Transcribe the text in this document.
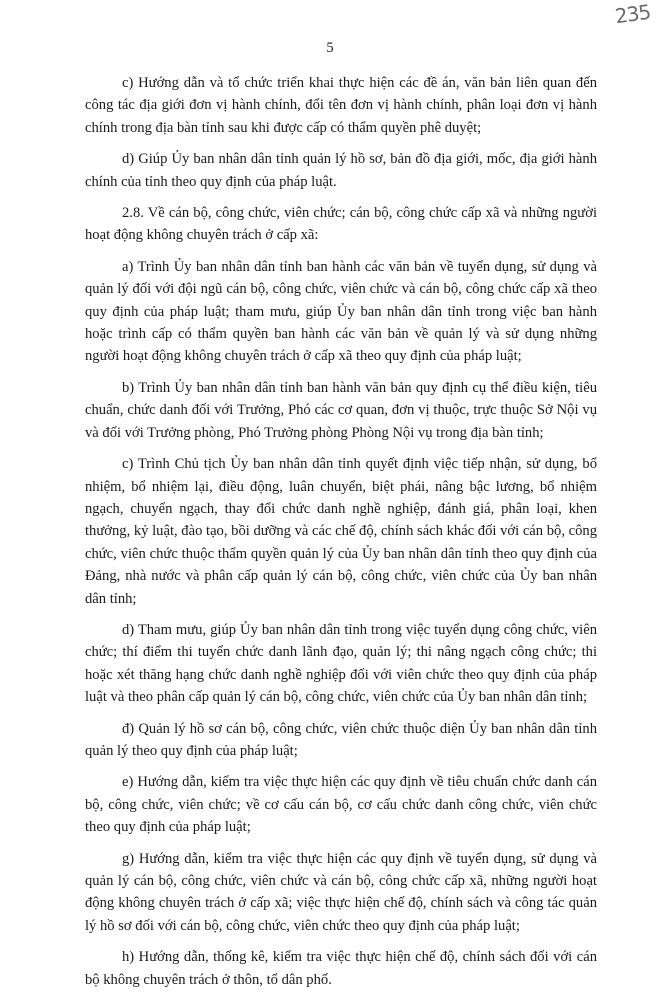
235
5

c) Hướng dẫn và tổ chức triển khai thực hiện các đề án, văn bản liên quan đến công tác địa giới đơn vị hành chính, đổi tên đơn vị hành chính, phân loại đơn vị hành chính trong địa bàn tỉnh sau khi được cấp có thẩm quyền phê duyệt;

d) Giúp Ủy ban nhân dân tỉnh quản lý hồ sơ, bản đồ địa giới, mốc, địa giới hành chính của tỉnh theo quy định của pháp luật.

2.8. Về cán bộ, công chức, viên chức; cán bộ, công chức cấp xã và những người hoạt động không chuyên trách ở cấp xã:

a) Trình Ủy ban nhân dân tỉnh ban hành các văn bản về tuyển dụng, sử dụng và quản lý đối với đội ngũ cán bộ, công chức, viên chức và cán bộ, công chức cấp xã theo quy định của pháp luật; tham mưu, giúp Ủy ban nhân dân tỉnh trong việc ban hành hoặc trình cấp có thẩm quyền ban hành các văn bản về quản lý và sử dụng những người hoạt động không chuyên trách ở cấp xã theo quy định của pháp luật;

b) Trình Ủy ban nhân dân tỉnh ban hành văn bản quy định cụ thể điều kiện, tiêu chuẩn, chức danh đối với Trưởng, Phó các cơ quan, đơn vị thuộc, trực thuộc Sở Nội vụ và đối với Trưởng phòng, Phó Trưởng phòng Phòng Nội vụ trong địa bàn tỉnh;

c) Trình Chủ tịch Ủy ban nhân dân tỉnh quyết định việc tiếp nhận, sử dụng, bổ nhiệm, bổ nhiệm lại, điều động, luân chuyển, biệt phái, nâng bậc lương, bổ nhiệm ngạch, chuyển ngạch, thay đổi chức danh nghề nghiệp, đánh giá, phân loại, khen thưởng, kỷ luật, đào tạo, bồi dưỡng và các chế độ, chính sách khác đối với cán bộ, công chức, viên chức thuộc thẩm quyền quản lý của Ủy ban nhân dân tỉnh theo quy định của Đảng, nhà nước và phân cấp quản lý cán bộ, công chức, viên chức của Ủy ban nhân dân tỉnh;

d) Tham mưu, giúp Ủy ban nhân dân tỉnh trong việc tuyển dụng công chức, viên chức; thí điểm thi tuyển chức danh lãnh đạo, quản lý; thi nâng ngạch công chức; thi hoặc xét thăng hạng chức danh nghề nghiệp đối với viên chức theo quy định của pháp luật và theo phân cấp quản lý cán bộ, công chức, viên chức của Ủy ban nhân dân tỉnh;

đ) Quản lý hồ sơ cán bộ, công chức, viên chức thuộc diện Ủy ban nhân dân tỉnh quản lý theo quy định của pháp luật;

e) Hướng dẫn, kiểm tra việc thực hiện các quy định về tiêu chuẩn chức danh cán bộ, công chức, viên chức; về cơ cấu cán bộ, cơ cấu chức danh công chức, viên chức theo quy định của pháp luật;

g) Hướng dẫn, kiểm tra việc thực hiện các quy định về tuyển dụng, sử dụng và quản lý cán bộ, công chức, viên chức và cán bộ, công chức cấp xã, những người hoạt động không chuyên trách ở cấp xã; việc thực hiện chế độ, chính sách và công tác quản lý hồ sơ đối với cán bộ, công chức, viên chức theo quy định của pháp luật;

h) Hướng dẫn, thống kê, kiểm tra việc thực hiện chế độ, chính sách đối với cán bộ không chuyên trách ở thôn, tổ dân phố.
